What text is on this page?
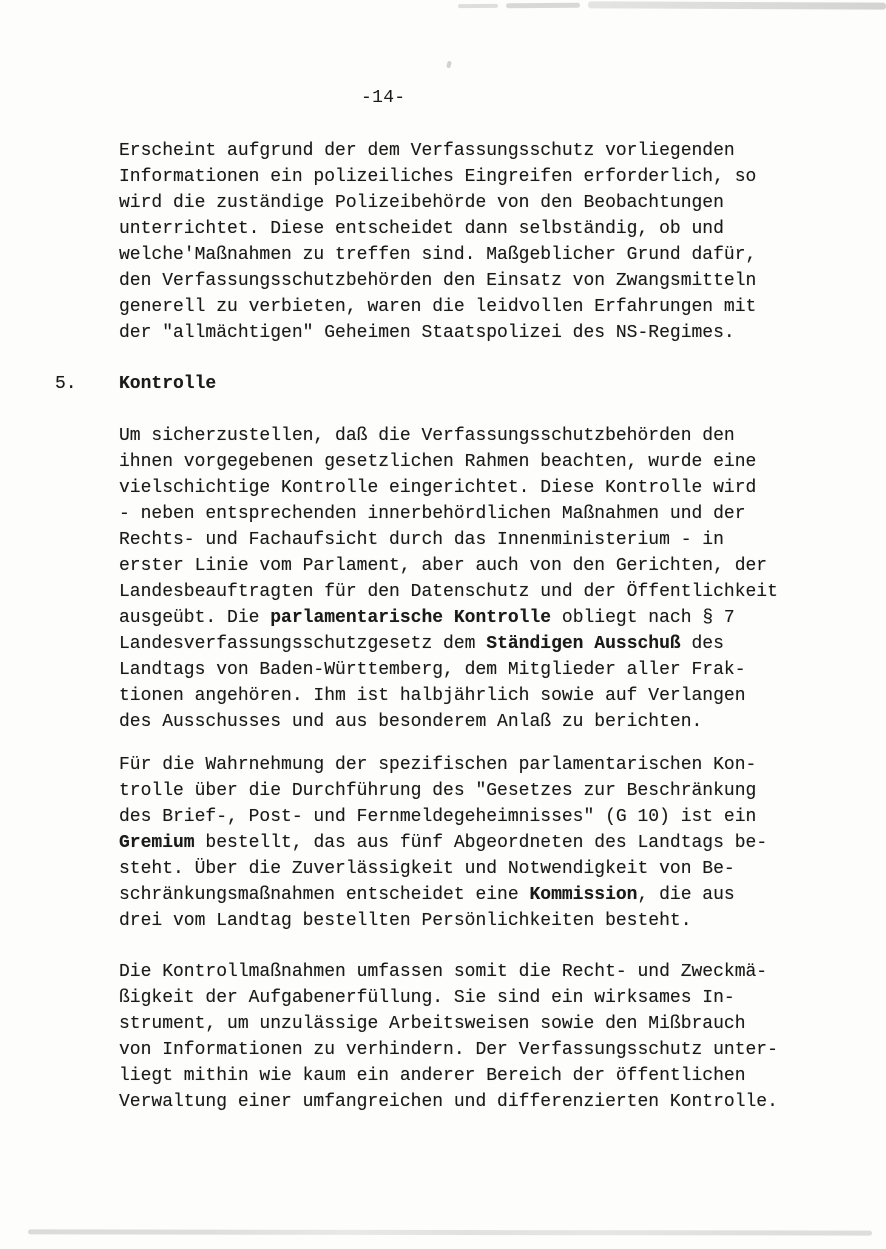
-14-
Erscheint aufgrund der dem Verfassungsschutz vorliegenden
Informationen ein polizeiliches Eingreifen erforderlich, so
wird die zuständige Polizeibehörde von den Beobachtungen
unterrichtet. Diese entscheidet dann selbständig, ob und
welche'Maßnahmen zu treffen sind. Maßgeblicher Grund dafür,
den Verfassungsschutzbehörden den Einsatz von Zwangsmitteln
generell zu verbieten, waren die leidvollen Erfahrungen mit
der "allmächtigen" Geheimen Staatspolizei des NS-Regimes.
5. Kontrolle
Um sicherzustellen, daß die Verfassungsschutzbehörden den
ihnen vorgegebenen gesetzlichen Rahmen beachten, wurde eine
vielschichtige Kontrolle eingerichtet. Diese Kontrolle wird
- neben entsprechenden innerbehördlichen Maßnahmen und der
Rechts- und Fachaufsicht durch das Innenministerium - in
erster Linie vom Parlament, aber auch von den Gerichten, der
Landesbeauftragten für den Datenschutz und der Öffentlichkeit
ausgeübt. Die parlamentarische Kontrolle obliegt nach § 7
Landesverfassungsschutzgesetz dem Ständigen Ausschuß des
Landtags von Baden-Württemberg, dem Mitglieder aller Frak-
tionen angehören. Ihm ist halbjährlich sowie auf Verlangen
des Ausschusses und aus besonderem Anlaß zu berichten.
Für die Wahrnehmung der spezifischen parlamentarischen Kon-
trolle über die Durchführung des "Gesetzes zur Beschränkung
des Brief-, Post- und Fernmeldegeheimnisses" (G 10) ist ein
Gremium bestellt, das aus fünf Abgeordneten des Landtags be-
steht. Über die Zuverlässigkeit und Notwendigkeit von Be-
schränkungsmaßnahmen entscheidet eine Kommission, die aus
drei vom Landtag bestellten Persönlichkeiten besteht.
Die Kontrollmaßnahmen umfassen somit die Recht- und Zweckmä-
ßigkeit der Aufgabenerfüllung. Sie sind ein wirksames In-
strument, um unzulässige Arbeitsweisen sowie den Mißbrauch
von Informationen zu verhindern. Der Verfassungsschutz unter-
liegt mithin wie kaum ein anderer Bereich der öffentlichen
Verwaltung einer umfangreichen und differenzierten Kontrolle.
